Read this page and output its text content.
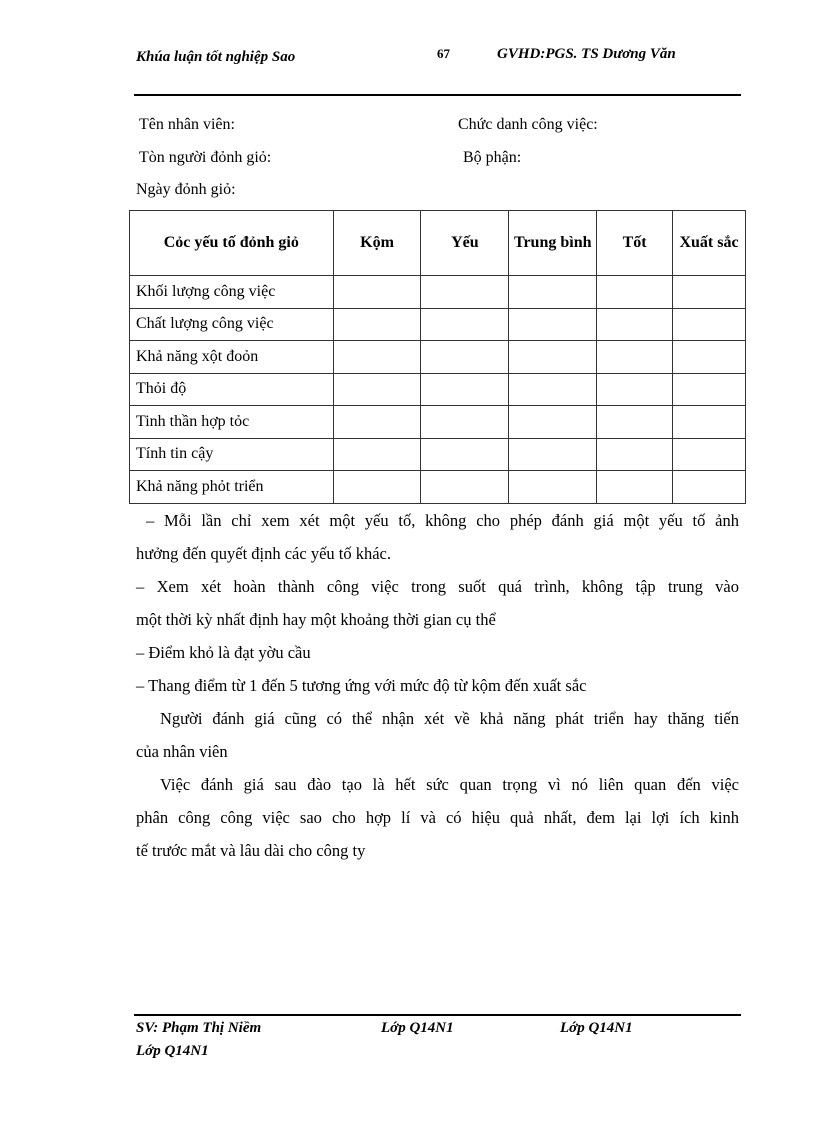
Khúa luận tốt nghiệp Sao	67	GVHD:PGS. TS Dương Văn
Tên nhân viên:	Chức danh công việc:
Tòn người đỏnh giỏ:	Bộ phận:
Ngày đỏnh giỏ:
Cỏc yếu tố đỏnh giỏ	Kộm	Yếu	Trung bình	Tốt	Xuất sắc
Khối lượng công việc					
Chất lượng công việc					
Khả năng xột đoỏn					
Thỏi độ					
Tinh thần hợp tỏc					
Tính tin cậy					
Khả năng phỏt triển					
– Mỗi lần chỉ xem xét một yếu tố, không cho phép đánh giá một yếu tố ảnh
hưởng đến quyết định các yếu tố khác.
– Xem xét hoàn thành công việc trong suốt quá trình, không tập trung vào
một thời kỳ nhất định hay một khoảng thời gian cụ thể
– Điểm khỏ là đạt yờu cầu
– Thang điểm từ 1 đến 5 tương ứng với mức độ từ kộm đến xuất sắc
Người đánh giá cũng có thể nhận xét về khả năng phát triển hay thăng tiến
của nhân viên
Việc đánh giá sau đào tạo là hết sức quan trọng vì nó liên quan đến việc
phân công công việc sao cho hợp lí và có hiệu quả nhất, đem lại lợi ích kinh
tế trước mắt và lâu dài cho công ty
SV: Phạm Thị Niềm	Lớp Q14N1	Lớp Q14N1
Lớp Q14N1
